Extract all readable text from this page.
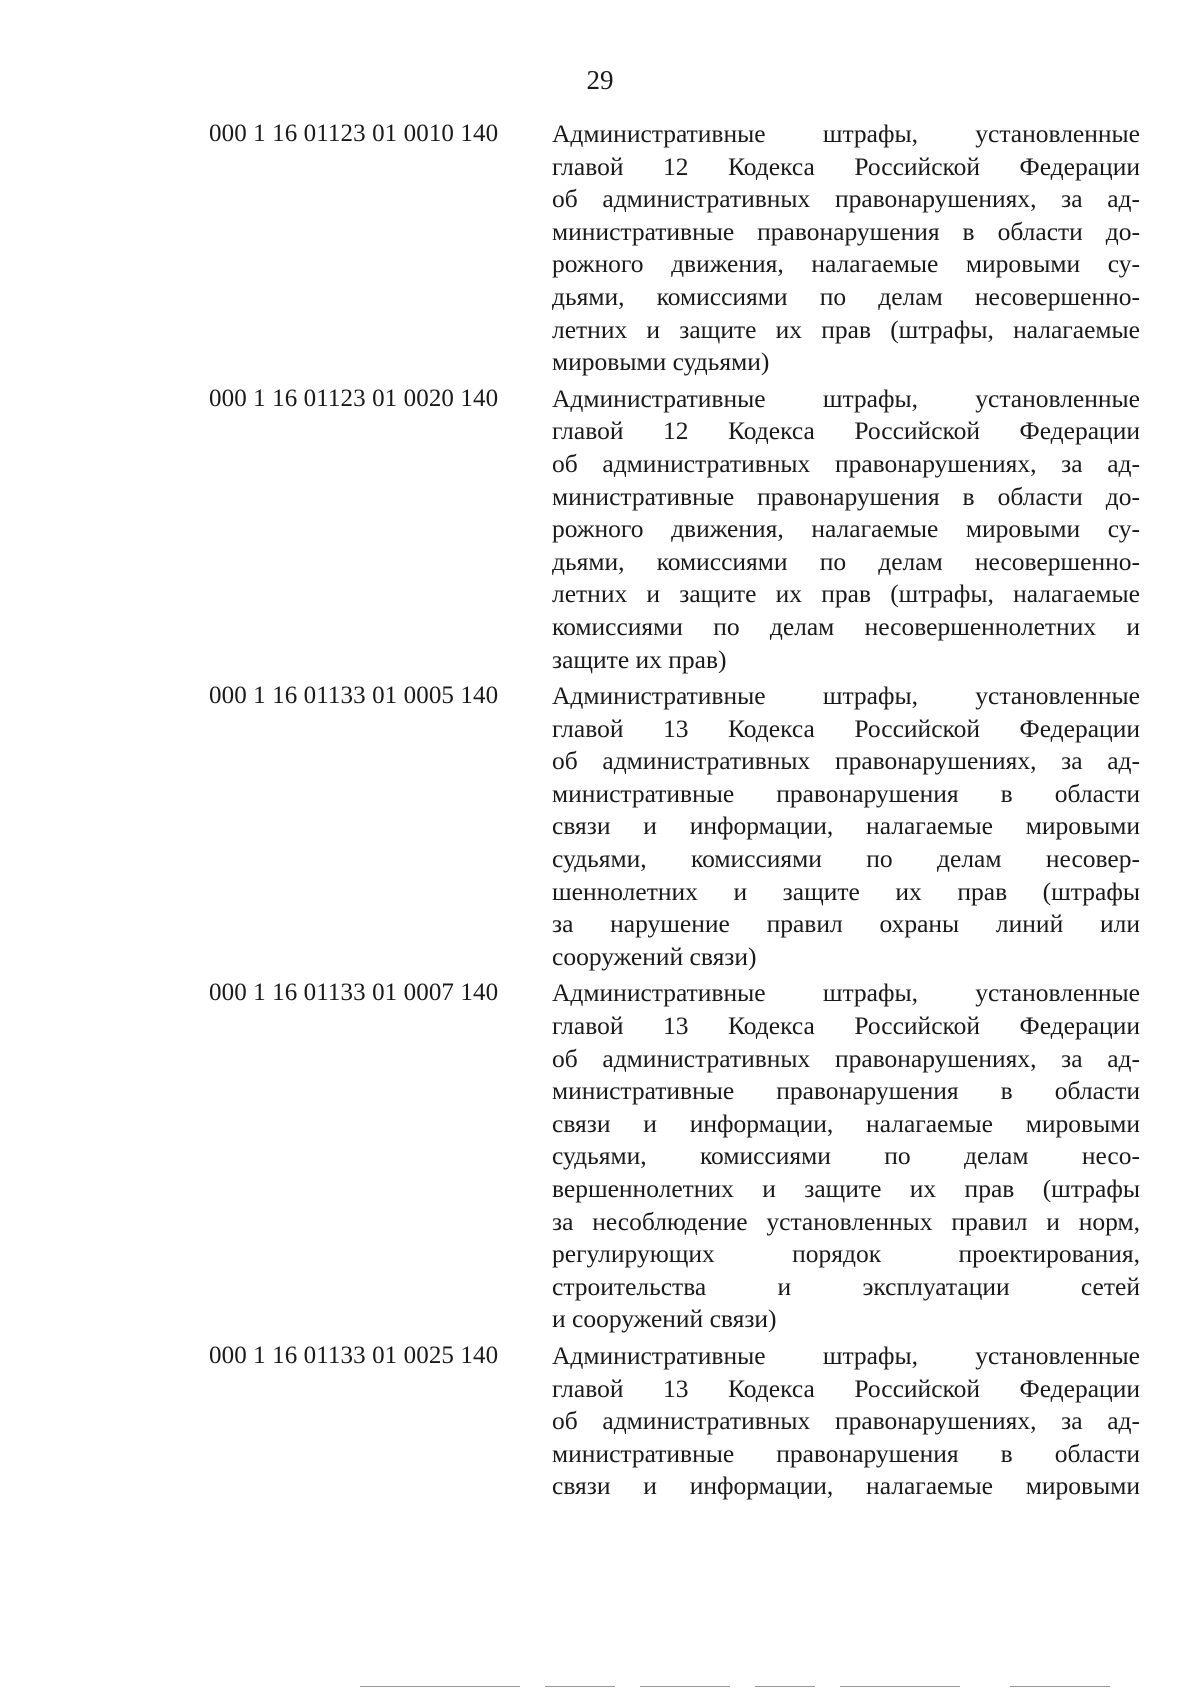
29
000 1 16 01123 01 0010 140 Административные штрафы, установленные
главой 12 Кодекса Российской Федерации
об административных правонарушениях, за ад-
министративные правонарушения в области до-
рожного движения, налагаемые мировыми су-
дьями, комиссиями по делам несовершенно-
летних и защите их прав (штрафы, налагаемые
мировыми судьями)
000 1 16 01123 01 0020 140 Административные штрафы, установленные
главой 12 Кодекса Российской Федерации
об административных правонарушениях, за ад-
министративные правонарушения в области до-
рожного движения, налагаемые мировыми су-
дьями, комиссиями по делам несовершенно-
летних и защите их прав (штрафы, налагаемые
комиссиями по делам несовершеннолетних и
защите их прав)
000 1 16 01133 01 0005 140 Административные штрафы, установленные
главой 13 Кодекса Российской Федерации
об административных правонарушениях, за ад-
министративные правонарушения в области
связи и информации, налагаемые мировыми
судьями, комиссиями по делам несовер-
шеннолетних и защите их прав (штрафы
за нарушение правил охраны линий или
сооружений связи)
000 1 16 01133 01 0007 140 Административные штрафы, установленные
главой 13 Кодекса Российской Федерации
об административных правонарушениях, за ад-
министративные правонарушения в области
связи и информации, налагаемые мировыми
судьями, комиссиями по делам несо-
вершеннолетних и защите их прав (штрафы
за несоблюдение установленных правил и норм,
регулирующих порядок проектирования,
строительства и эксплуатации сетей
и сооружений связи)
000 1 16 01133 01 0025 140 Административные штрафы, установленные
главой 13 Кодекса Российской Федерации
об административных правонарушениях, за ад-
министративные правонарушения в области
связи и информации, налагаемые мировыми
